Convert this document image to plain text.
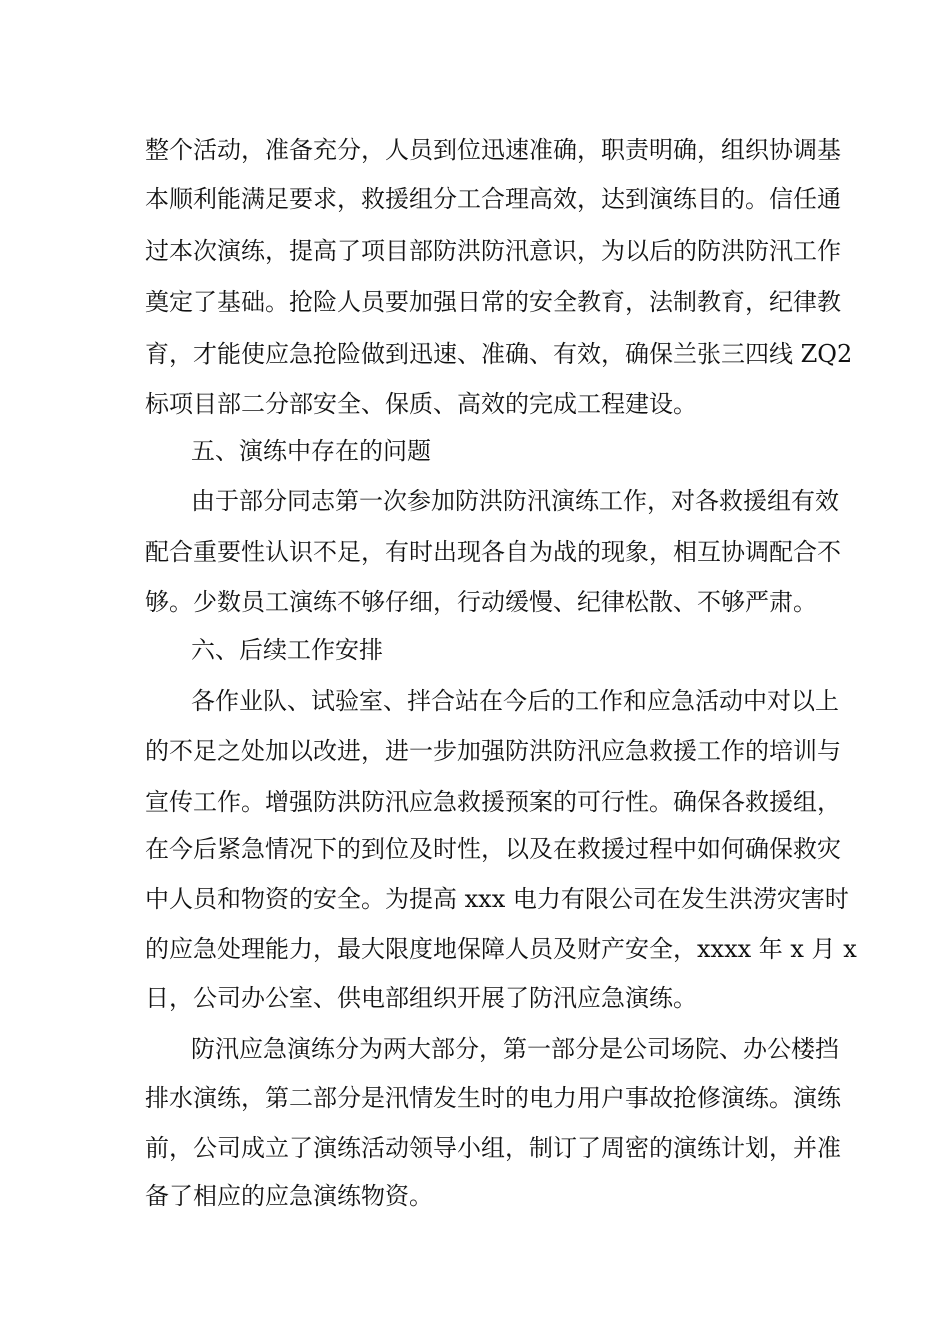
整个活动，准备充分，人员到位迅速准确，职责明确，组织协调基
本顺利能满足要求，救援组分工合理高效，达到演练目的。信任通
过本次演练，提高了项目部防洪防汛意识，为以后的防洪防汛工作
奠定了基础。抢险人员要加强日常的安全教育，法制教育，纪律教
育，才能使应急抢险做到迅速、准确、有效，确保兰张三四线 ZQ2
标项目部二分部安全、保质、高效的完成工程建设。
五、演练中存在的问题
由于部分同志第一次参加防洪防汛演练工作，对各救援组有效
配合重要性认识不足，有时出现各自为战的现象，相互协调配合不
够。少数员工演练不够仔细，行动缓慢、纪律松散、不够严肃。
六、后续工作安排
各作业队、试验室、拌合站在今后的工作和应急活动中对以上
的不足之处加以改进，进一步加强防洪防汛应急救援工作的培训与
宣传工作。增强防洪防汛应急救援预案的可行性。确保各救援组，
在今后紧急情况下的到位及时性，以及在救援过程中如何确保救灾
中人员和物资的安全。为提高 xxx 电力有限公司在发生洪涝灾害时
的应急处理能力，最大限度地保障人员及财产安全，xxxx 年 x 月 x
日，公司办公室、供电部组织开展了防汛应急演练。
防汛应急演练分为两大部分，第一部分是公司场院、办公楼挡
排水演练，第二部分是汛情发生时的电力用户事故抢修演练。演练
前，公司成立了演练活动领导小组，制订了周密的演练计划，并准
备了相应的应急演练物资。
